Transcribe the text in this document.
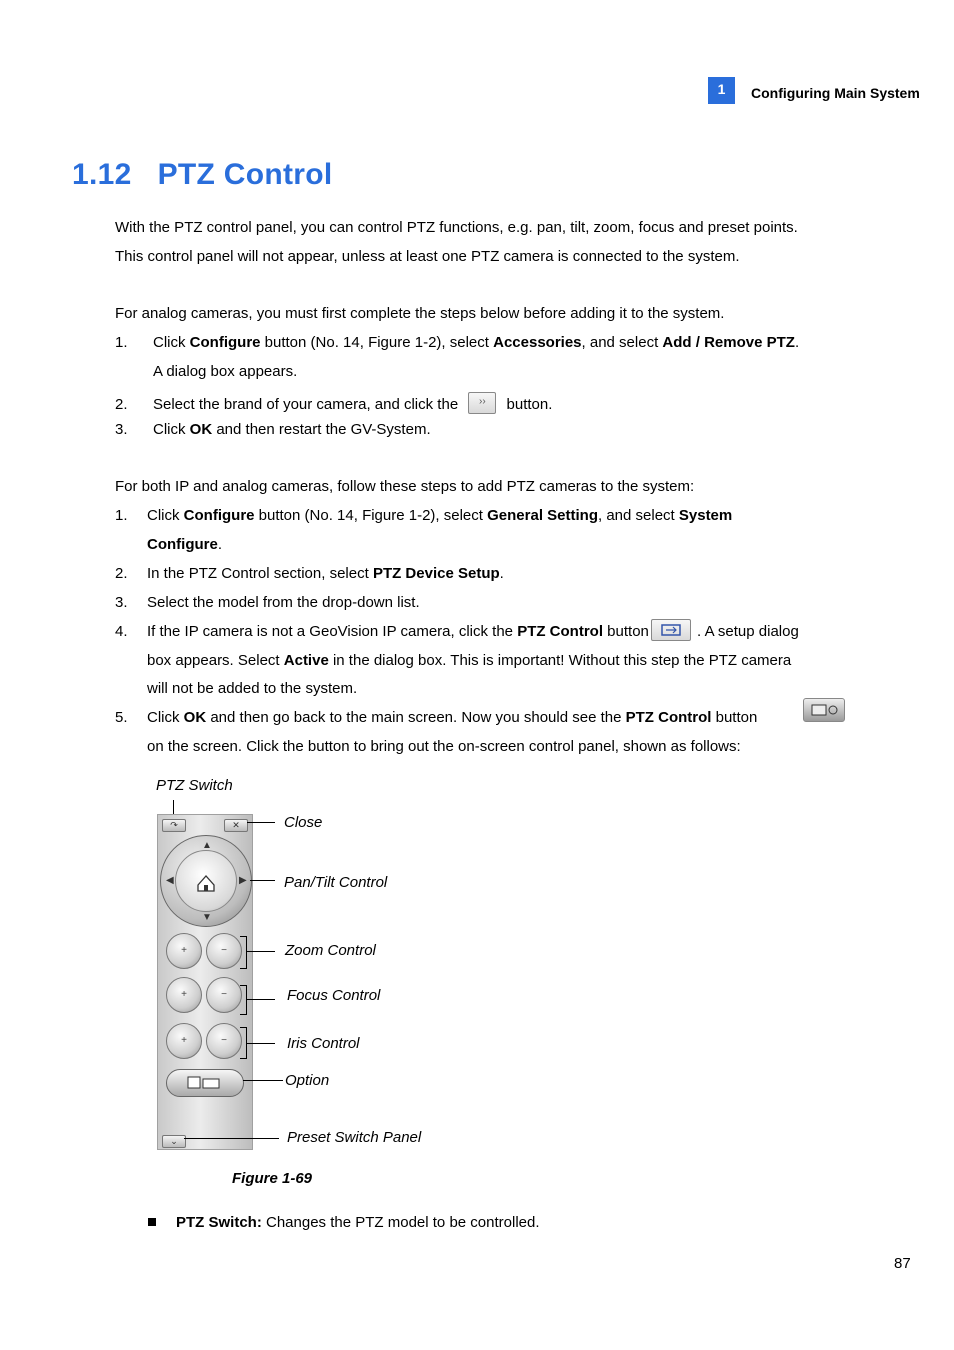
1	Configuring Main System
1.12 PTZ Control
With the PTZ control panel, you can control PTZ functions, e.g. pan, tilt, zoom, focus and preset points.
This control panel will not appear, unless at least one PTZ camera is connected to the system.
For analog cameras, you must first complete the steps below before adding it to the system.
1. Click Configure button (No. 14, Figure 1-2), select Accessories, and select Add / Remove PTZ.
A dialog box appears.
2. Select the brand of your camera, and click the ›› button.
3. Click OK and then restart the GV-System.
For both IP and analog cameras, follow these steps to add PTZ cameras to the system:
1. Click Configure button (No. 14, Figure 1-2), select General Setting, and select System
Configure.
2. In the PTZ Control section, select PTZ Device Setup.
3. Select the model from the drop-down list.
4. If the IP camera is not a GeoVision IP camera, click the PTZ Control button	. A setup dialog
box appears. Select Active in the dialog box. This is important! Without this step the PTZ camera
will not be added to the system.
5. Click OK and then go back to the main screen. Now you should see the PTZ Control button
on the screen. Click the button to bring out the on-screen control panel, shown as follows:
PTZ Switch
↷	✕
▲
▼
◀	▶
+	−
+	−
+	−
⌄
Close
Pan/Tilt Control
Zoom Control
Focus Control
Iris Control
Option
Preset Switch Panel
Figure 1-69
PTZ Switch: Changes the PTZ model to be controlled.
87
